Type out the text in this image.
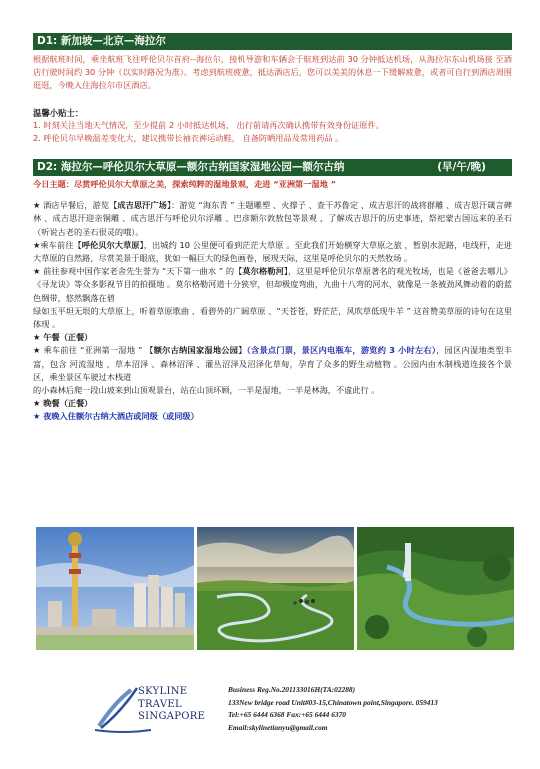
D1: 新加坡—北京—海拉尔

根据航班时间，乘坐航班飞往呼伦贝尔首府--海拉尔，接机导游和车辆会于航班到达前 30 分钟抵达机场，从海拉尔东山机场接 至酒店行驶时间约 30 分钟（以实时路况为准）。考虑到航班疲惫，抵达酒店后，您可以美美的休息一下缓解疲惫，或者可自行到酒店周围逛逛，今晚入住海拉尔市区酒店。

温馨小贴士：

1. 时刻关注当地天气情况，至少提前 2 小时抵达机场， 出行前请再次确认携带有效身份证原件。

2. 呼伦贝尔早晚温差变化大，建议携带长袖衣裤运动鞋， 自备防晒用品及常用药品 。

D2: 海拉尔—呼伦贝尔大草原—额尔古纳国家湿地公园—额尔古纳	(早/午/晚)

今日主题：尽赏呼伦贝尔大草原之美，探索纯粹的湿地景观，走进 “亚洲第一湿地 ”

★ 酒店早餐后，游览【成吉思汗广场】：游览 “海东青 ” 主题雕塑 、火撑子 、查干苏鲁定 、成吉思汗的战将群雕 、成吉思汗箴言碑林 、成吉思汗迎亲铜雕 、成吉思汗与呼伦贝尔浮雕 、巴彦额尔敦敖包等景观 ，了解成吉思汗的历史事迹，祭祀蒙古国远来的圣石（听说古老的圣石很灵的哦）。

★乘车前往【呼伦贝尔大草原】，出城约 10 公里便可看到茫茫大草原 。至此我们开始横穿大草原之旅 ，暂别水泥路，电线杆，走进大草原的自然路，尽赏美景于眼底，犹如一幅巨大的绿色画卷，展现天际，这里是呼伦贝尔的天然牧场 。

★ 前往参观中国作家老舍先生誉为 “天下第一曲水 ” 的【莫尔格勒河】，这里是呼伦贝尔草原著名的观光牧场，也是《爸爸去哪儿》《寻龙诀》等众多影视节目的拍摄地 。莫尔格勒河道十分狭窄，但却极度弯曲，九曲十八弯的河水，就像是一条被劲风舞动着的蔚蓝色绸带，悠然飘落在碧

绿如玉平坦无垠的大草原上，听着草原歌曲 、看碧外的广阔草原 、“天苍苍，野茫茫，风吹草低现牛羊 ” 这首赞美草原的诗句在这里体现 。

★ 午餐（正餐）

★ 乘车前往 “亚洲第一湿地 ” 【额尔古纳国家湿地公园】（含景点门票，景区内电瓶车，游览约 3 小时左右），园区内湿地类型丰富，包含 河流湿地 、草本沼泽 、森林沼泽 、灌丛沼泽及沼泽化草甸，孕育了众多的野生动植物 。公园内由木制栈道连接各个景区，乘坐景区车驶过木栈道

的小森林后爬一段山坡来到山顶观景台，站在山顶环顾，一半是湿地，一半是林海，不虚此行 。

★ 晚餐（正餐）

★ 夜晚入住额尔古纳大酒店或同级（或同级）

SKYLINE
TRAVEL
SINGAPORE
Business Reg.No.201133016H(TA:02288)
133New bridge road Unit#03-15,Chinatown point,Singapore. 059413
Tel:+65 6444 6368 Fax:+65 6444 6370
Email:skylinetianyu@gmail.com
